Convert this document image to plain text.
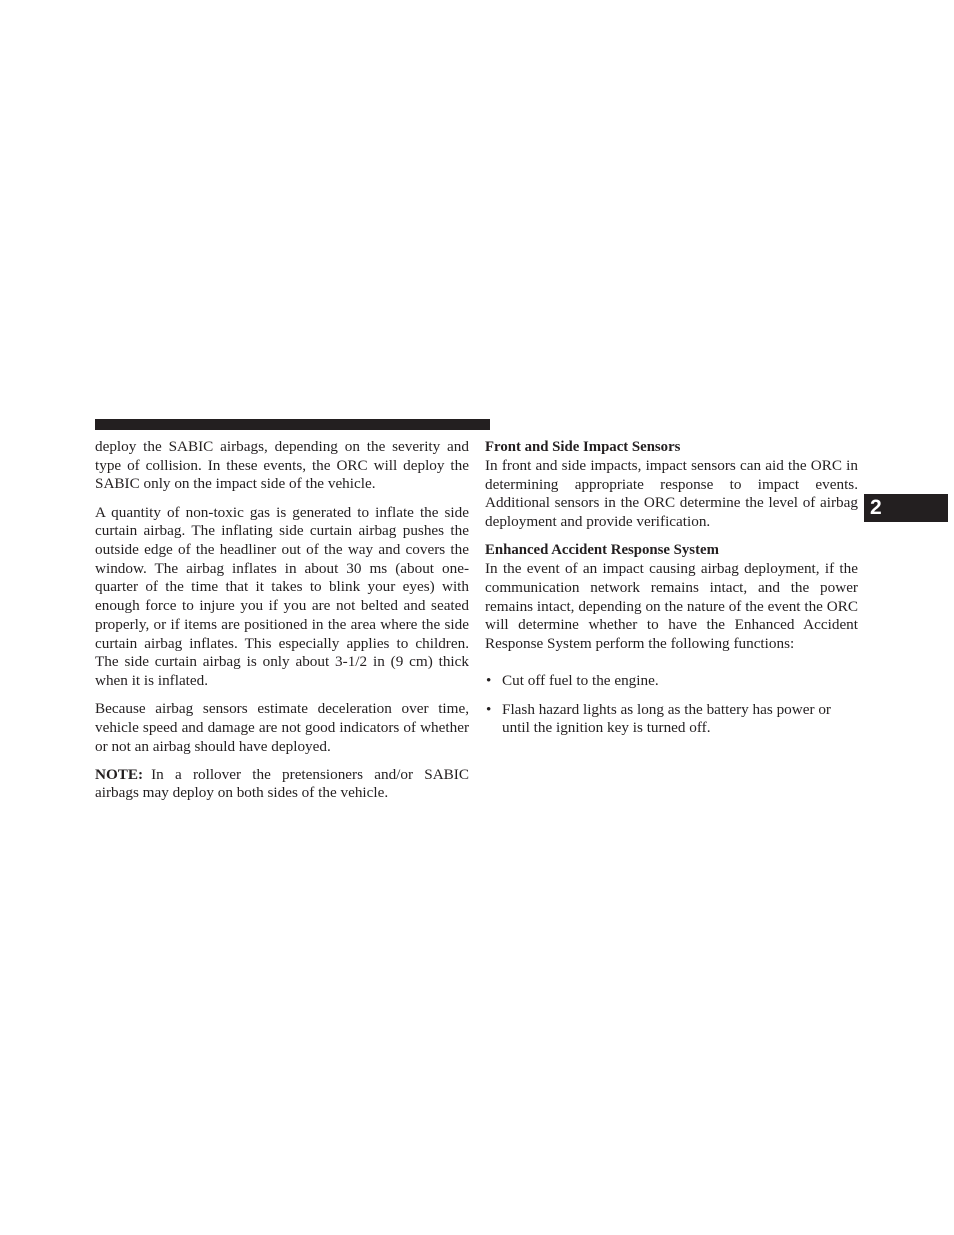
deploy the SABIC airbags, depending on the severity and type of collision. In these events, the ORC will deploy the SABIC only on the impact side of the vehicle.

A quantity of non-toxic gas is generated to inflate the side curtain airbag. The inflating side curtain airbag pushes the outside edge of the headliner out of the way and covers the window. The airbag inflates in about 30 ms (about one-quarter of the time that it takes to blink your eyes) with enough force to injure you if you are not belted and seated properly, or if items are positioned in the area where the side curtain airbag inflates. This especially applies to children. The side curtain airbag is only about 3-1/2 in (9 cm) thick when it is inflated.

Because airbag sensors estimate deceleration over time, vehicle speed and damage are not good indicators of whether or not an airbag should have deployed.

NOTE: In a rollover the pretensioners and/or SABIC airbags may deploy on both sides of the vehicle.

Front and Side Impact Sensors

In front and side impacts, impact sensors can aid the ORC in determining appropriate response to impact events. Additional sensors in the ORC determine the level of airbag deployment and provide verification.

Enhanced Accident Response System

In the event of an impact causing airbag deployment, if the communication network remains intact, and the power remains intact, depending on the nature of the event the ORC will determine whether to have the Enhanced Accident Response System perform the following functions:

• Cut off fuel to the engine.
• Flash hazard lights as long as the battery has power or until the ignition key is turned off.
2
